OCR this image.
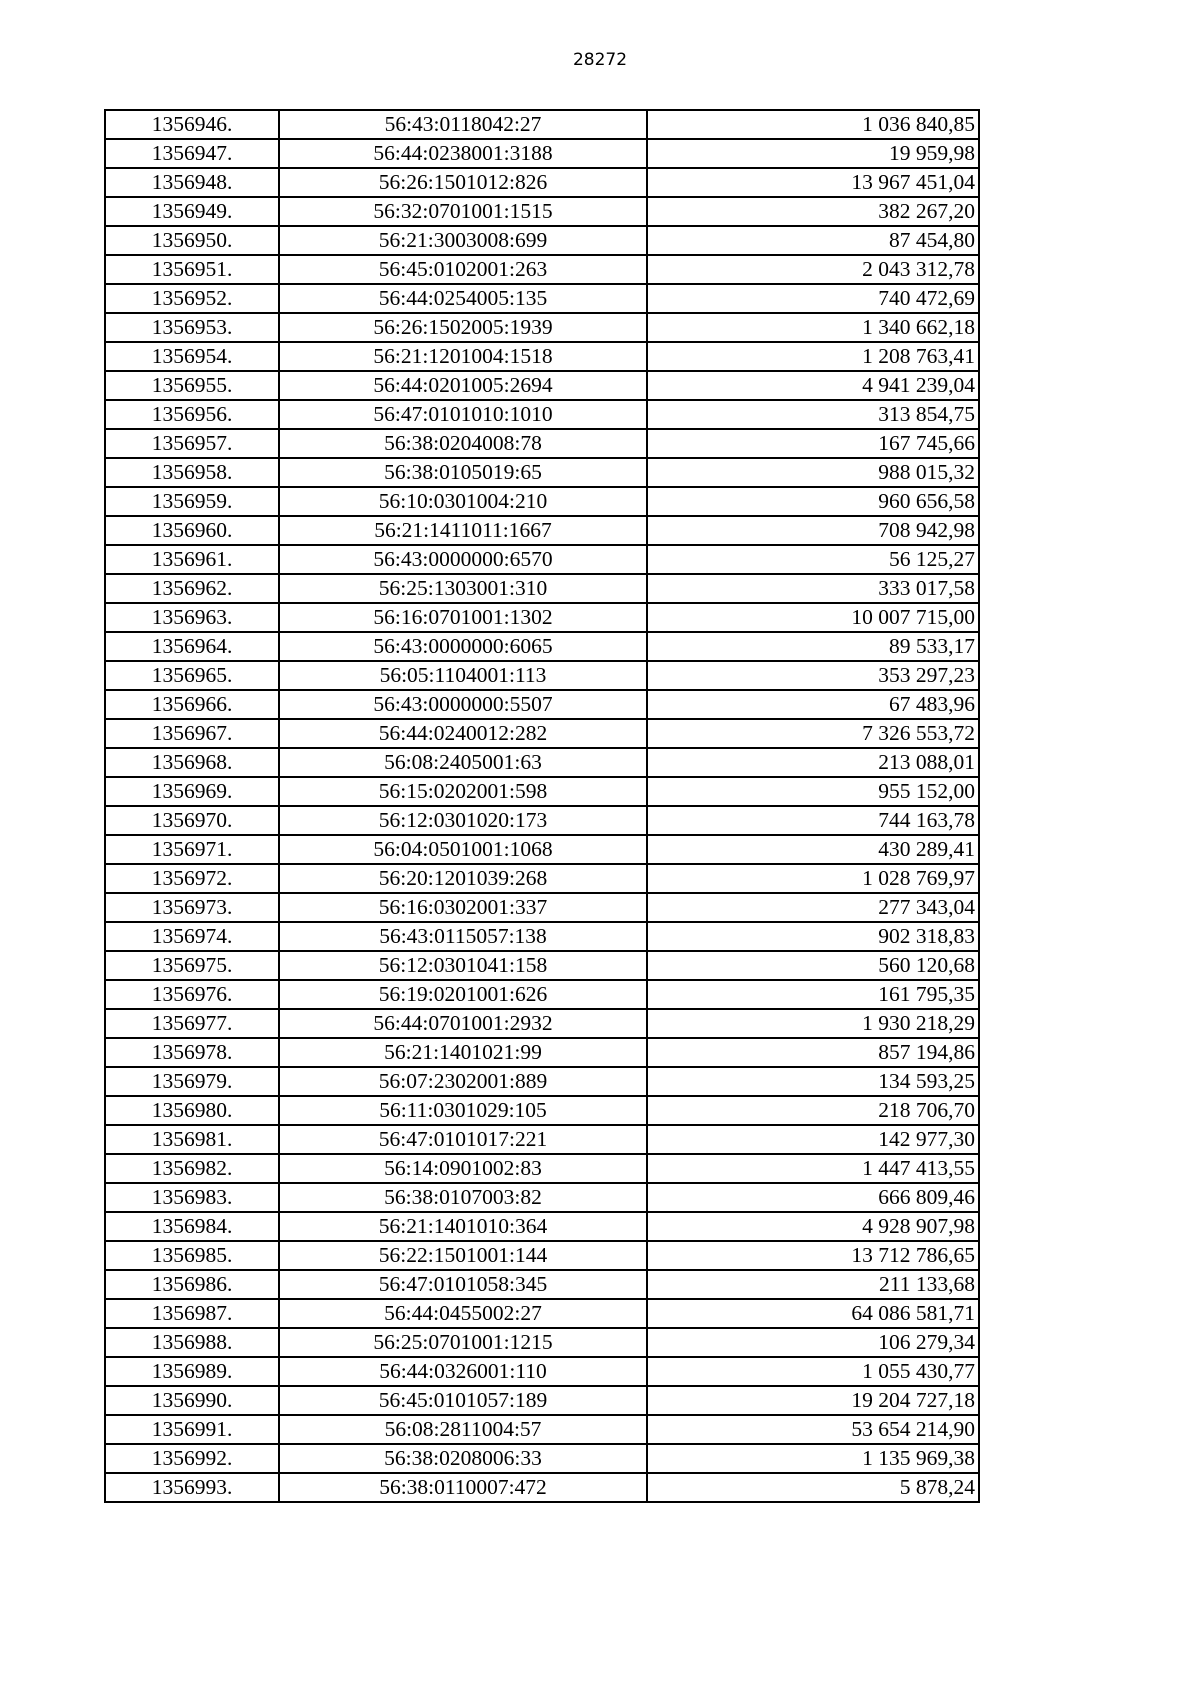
28272
1356946.	56:43:0118042:27	1 036 840,85
1356947.	56:44:0238001:3188	19 959,98
1356948.	56:26:1501012:826	13 967 451,04
1356949.	56:32:0701001:1515	382 267,20
1356950.	56:21:3003008:699	87 454,80
1356951.	56:45:0102001:263	2 043 312,78
1356952.	56:44:0254005:135	740 472,69
1356953.	56:26:1502005:1939	1 340 662,18
1356954.	56:21:1201004:1518	1 208 763,41
1356955.	56:44:0201005:2694	4 941 239,04
1356956.	56:47:0101010:1010	313 854,75
1356957.	56:38:0204008:78	167 745,66
1356958.	56:38:0105019:65	988 015,32
1356959.	56:10:0301004:210	960 656,58
1356960.	56:21:1411011:1667	708 942,98
1356961.	56:43:0000000:6570	56 125,27
1356962.	56:25:1303001:310	333 017,58
1356963.	56:16:0701001:1302	10 007 715,00
1356964.	56:43:0000000:6065	89 533,17
1356965.	56:05:1104001:113	353 297,23
1356966.	56:43:0000000:5507	67 483,96
1356967.	56:44:0240012:282	7 326 553,72
1356968.	56:08:2405001:63	213 088,01
1356969.	56:15:0202001:598	955 152,00
1356970.	56:12:0301020:173	744 163,78
1356971.	56:04:0501001:1068	430 289,41
1356972.	56:20:1201039:268	1 028 769,97
1356973.	56:16:0302001:337	277 343,04
1356974.	56:43:0115057:138	902 318,83
1356975.	56:12:0301041:158	560 120,68
1356976.	56:19:0201001:626	161 795,35
1356977.	56:44:0701001:2932	1 930 218,29
1356978.	56:21:1401021:99	857 194,86
1356979.	56:07:2302001:889	134 593,25
1356980.	56:11:0301029:105	218 706,70
1356981.	56:47:0101017:221	142 977,30
1356982.	56:14:0901002:83	1 447 413,55
1356983.	56:38:0107003:82	666 809,46
1356984.	56:21:1401010:364	4 928 907,98
1356985.	56:22:1501001:144	13 712 786,65
1356986.	56:47:0101058:345	211 133,68
1356987.	56:44:0455002:27	64 086 581,71
1356988.	56:25:0701001:1215	106 279,34
1356989.	56:44:0326001:110	1 055 430,77
1356990.	56:45:0101057:189	19 204 727,18
1356991.	56:08:2811004:57	53 654 214,90
1356992.	56:38:0208006:33	1 135 969,38
1356993.	56:38:0110007:472	5 878,24
